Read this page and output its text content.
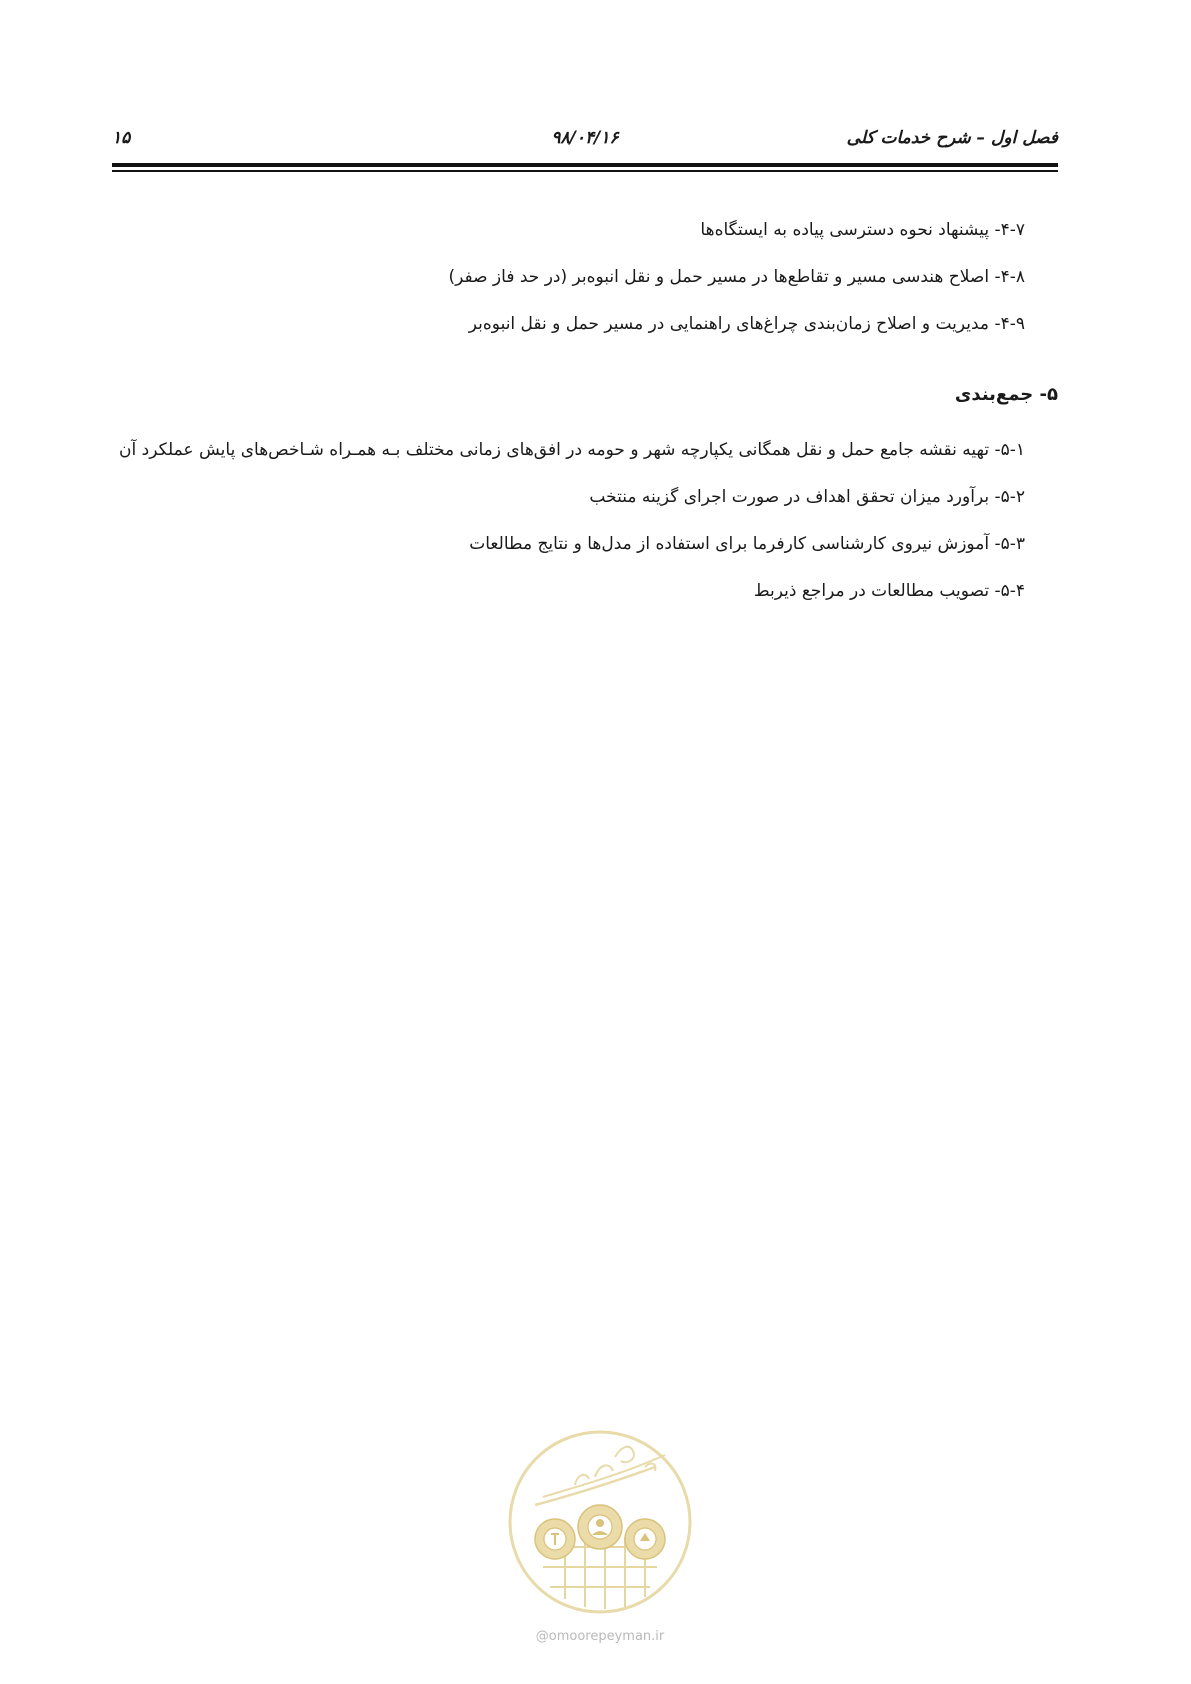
فصل اول – شرح خدمات کلی
۹۸/۰۴/۱۶
۱۵

۴-۷- پیشنهاد نحوه دسترسی پیاده به ایستگاه‌ها

۴-۸- اصلاح هندسی مسیر و تقاطع‌ها در مسیر حمل و نقل انبوه‌بر (در حد فاز صفر)

۴-۹- مدیریت و اصلاح زمان‌بندی چراغ‌های راهنمایی در مسیر حمل و نقل انبوه‌بر

۵- جمع‌بندی

۵-۱- تهیه نقشه جامع حمل و نقل همگانی یکپارچه شهر و حومه در افق‌های زمانی مختلف بـه همـراه شـاخص‌های پایش عملکرد آن

۵-۲- برآورد میزان تحقق اهداف در صورت اجرای گزینه منتخب

۵-۳- آموزش نیروی کارشناسی کارفرما برای استفاده از مدل‌ها و نتایج مطالعات

۵-۴- تصویب مطالعات در مراجع ذیربط

@omoorepeyman.ir
